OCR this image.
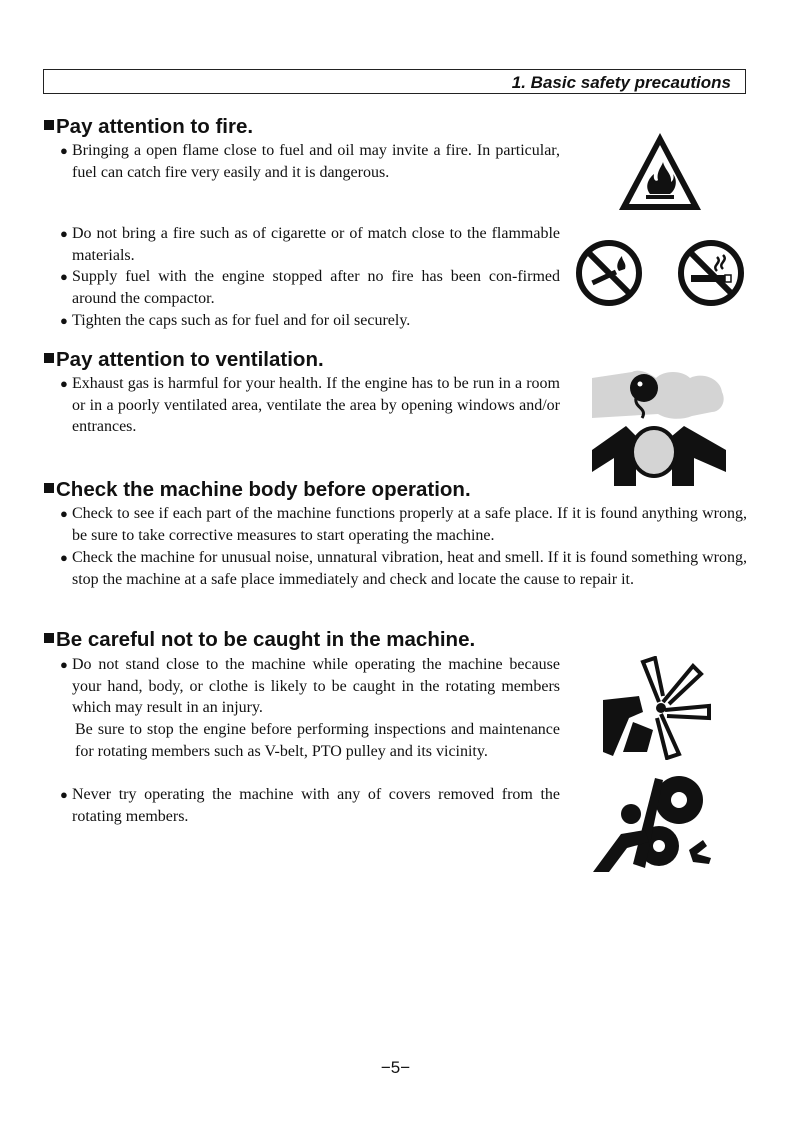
1. Basic safety precautions
Pay attention to fire.
● Bringing a open flame close to fuel and oil may invite a fire. In particular, fuel can catch fire very easily and it is dangerous.
● Do not bring a fire such as of cigarette or of match close to the flammable materials.
● Supply fuel with the engine stopped after no fire has been con-firmed around the compactor.
● Tighten the caps such as for fuel and for oil securely.
Pay attention to ventilation.
● Exhaust gas is harmful for your health. If the engine has to be run in a room or in a poorly ventilated area, ventilate the area by opening windows and/or entrances.
Check the machine body before operation.
● Check to see if each part of the machine functions properly at a safe place. If it is found anything wrong, be sure to take corrective measures to start operating the machine.
● Check the machine for unusual noise, unnatural vibration, heat and smell. If it is found something wrong, stop the machine at a safe place immediately and check and locate the cause to repair it.
Be careful not to be caught in the machine.
● Do not stand close to the machine while operating the machine because your hand, body, or clothe is likely to be caught in the rotating members which may result in an injury.
Be sure to stop the engine before performing inspections and maintenance for rotating members such as V-belt, PTO pulley and its vicinity.
● Never try operating the machine with any of covers removed from the rotating members.
−5−
